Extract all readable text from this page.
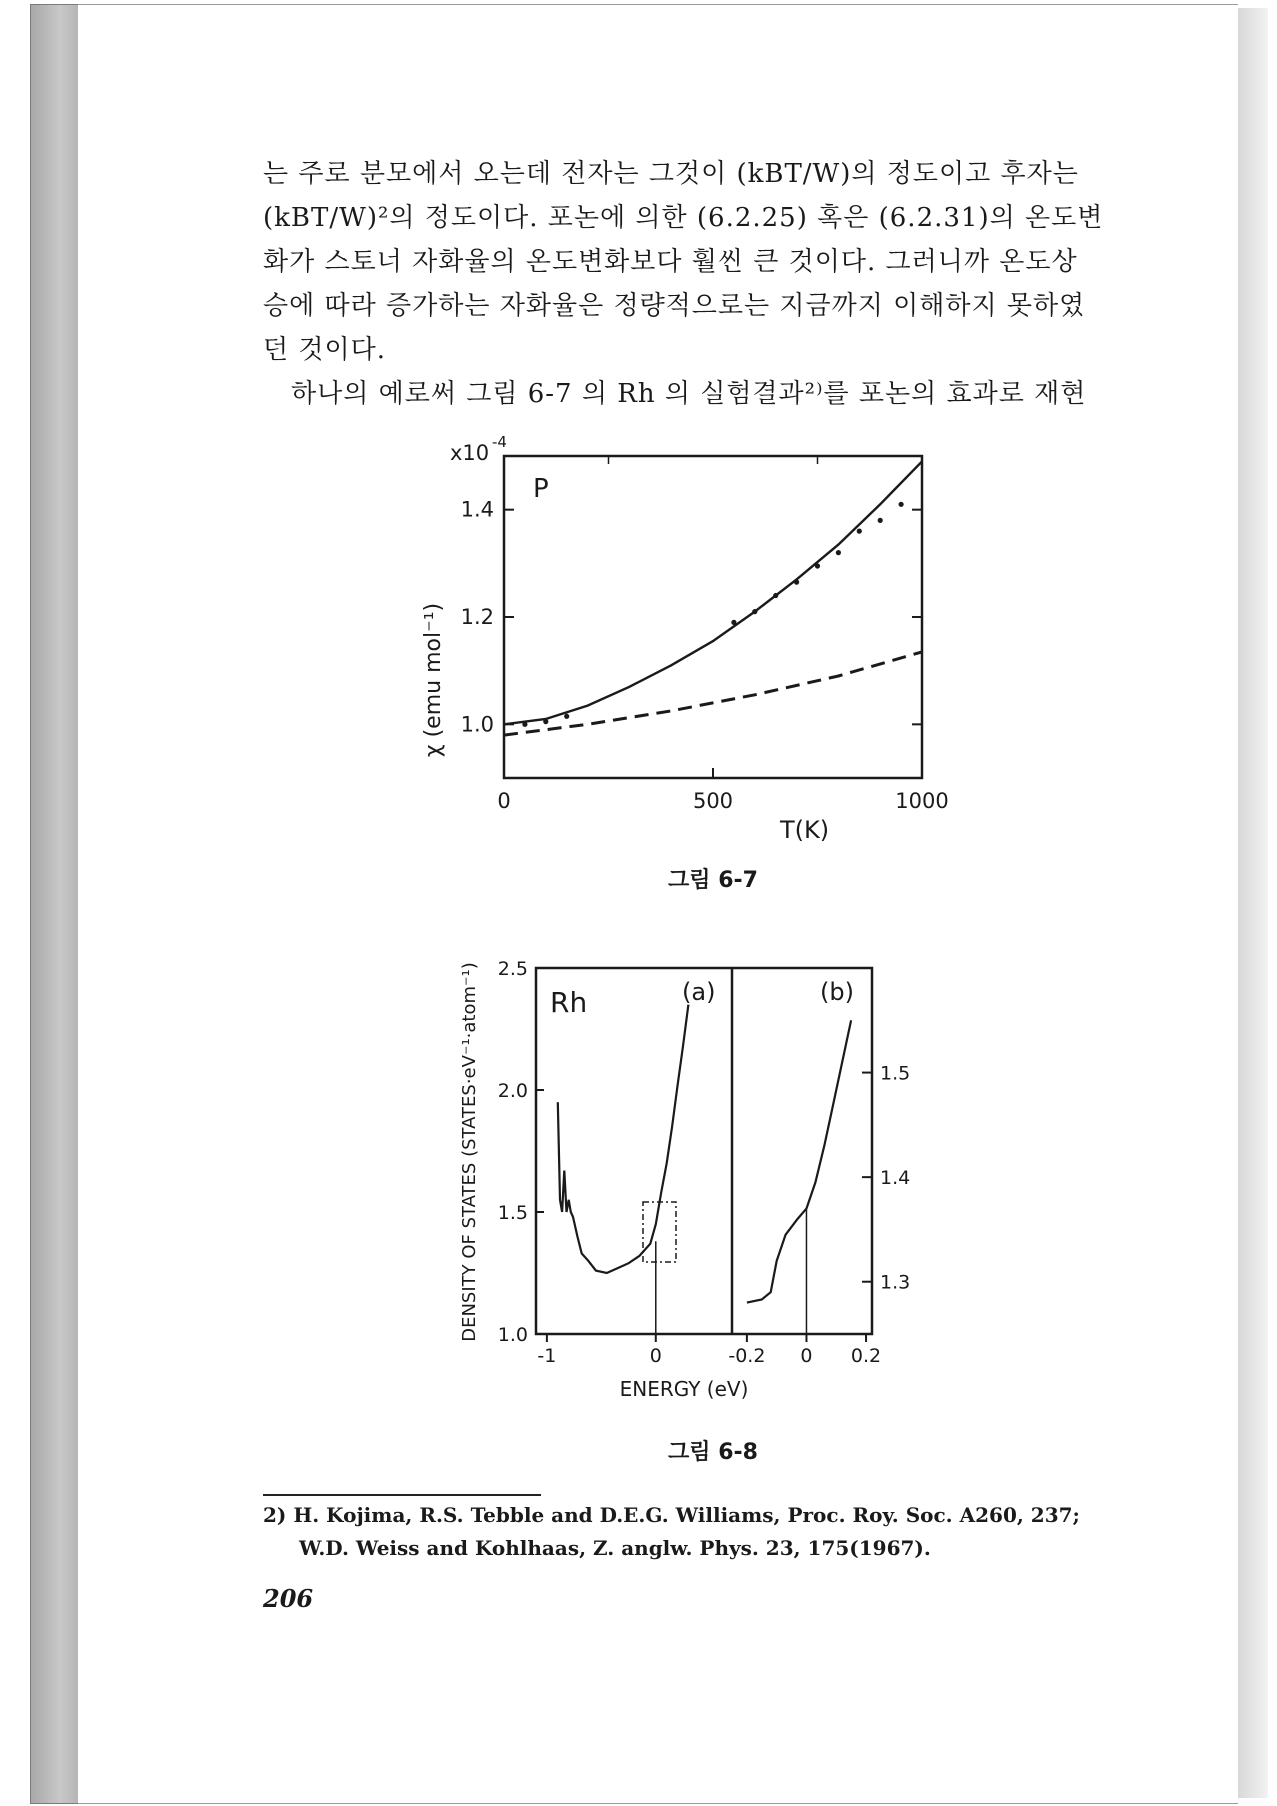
는 주로 분모에서 오는데 전자는 그것이 (kBT/W)의 정도이고 후자는
(kBT/W)²의 정도이다. 포논에 의한 (6.2.25) 혹은 (6.2.31)의 온도변
화가 스토너 자화율의 온도변화보다 훨씬 큰 것이다. 그러니까 온도상
승에 따라 증가하는 자화율은 정량적으로는 지금까지 이해하지 못하였
던 것이다.
하나의 예로써 그림 6-7 의 Rh 의 실험결과²⁾를 포논의 효과로 재현
x10 -4
P
χ (emu mol⁻¹)
T(K)
0	500	1000
1.0
1.2
1.4
그림 6-7
Rh	(a)	(b)
DENSITY OF STATES (STATES·eV⁻¹·atom⁻¹)
ENERGY (eV)
-1	0	-0.2 0 0.2
1.0
1.5
2.0
2.5
1.3
1.4
1.5
그림 6-8
2) H. Kojima, R.S. Tebble and D.E.G. Williams, Proc. Roy. Soc. A260, 237;
W.D. Weiss and Kohlhaas, Z. anglw. Phys. 23, 175(1967).
206
